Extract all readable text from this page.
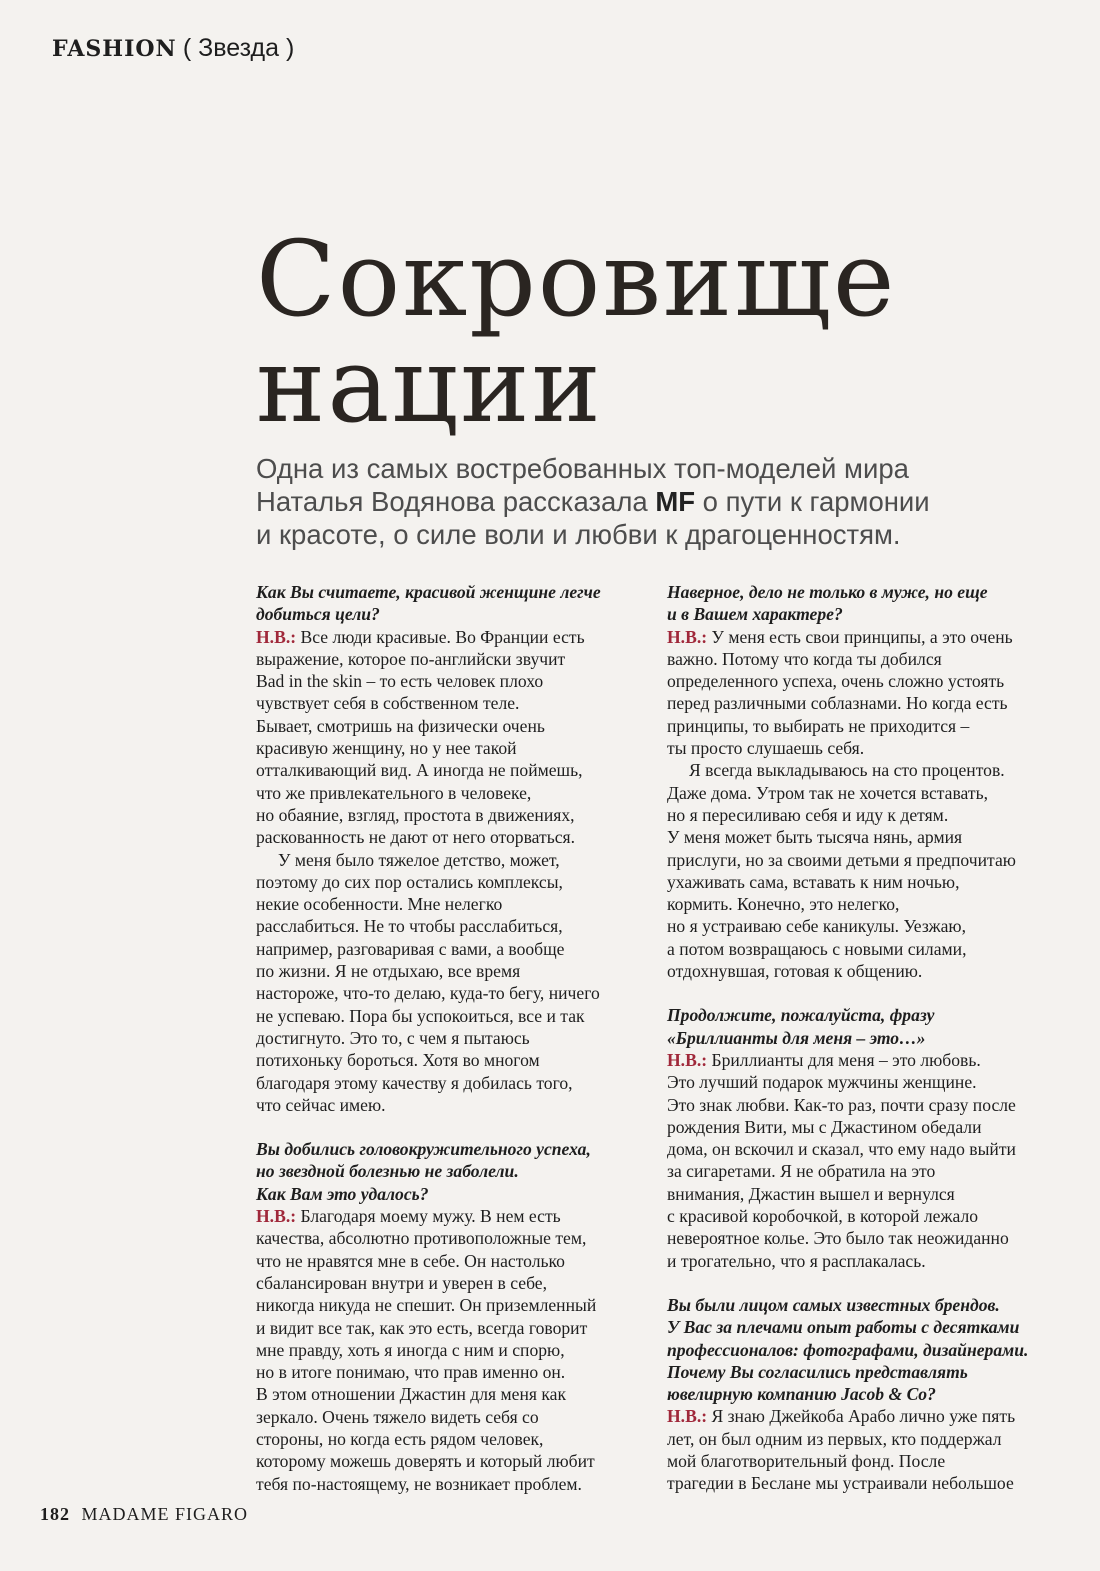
FASHION ( Звезда )
Сокровище
нации

Одна из самых востребованных топ-моделей мира
Наталья Водянова рассказала MF о пути к гармонии
и красоте, о силе воли и любви к драгоценностям.

Как Вы считаете, красивой женщине легче
добиться цели?
Н.В.: Все люди красивые. Во Франции есть
выражение, которое по-английски звучит
Bad in the skin – то есть человек плохо
чувствует себя в собственном теле.
Бывает, смотришь на физически очень
красивую женщину, но у нее такой
отталкивающий вид. А иногда не поймешь,
что же привлекательного в человеке,
но обаяние, взгляд, простота в движениях,
раскованность не дают от него оторваться.
У меня было тяжелое детство, может,
поэтому до сих пор остались комплексы,
некие особенности. Мне нелегко
расслабиться. Не то чтобы расслабиться,
например, разговаривая с вами, а вообще
по жизни. Я не отдыхаю, все время
настороже, что-то делаю, куда-то бегу, ничего
не успеваю. Пора бы успокоиться, все и так
достигнуто. Это то, с чем я пытаюсь
потихоньку бороться. Хотя во многом
благодаря этому качеству я добилась того,
что сейчас имею.
Вы добились головокружительного успеха,
но звездной болезнью не заболели.
Как Вам это удалось?
Н.В.: Благодаря моему мужу. В нем есть
качества, абсолютно противоположные тем,
что не нравятся мне в себе. Он настолько
сбалансирован внутри и уверен в себе,
никогда никуда не спешит. Он приземленный
и видит все так, как это есть, всегда говорит
мне правду, хоть я иногда с ним и спорю,
но в итоге понимаю, что прав именно он.
В этом отношении Джастин для меня как
зеркало. Очень тяжело видеть себя со
стороны, но когда есть рядом человек,
которому можешь доверять и который любит
тебя по-настоящему, не возникает проблем.
Наверное, дело не только в муже, но еще
и в Вашем характере?
Н.В.: У меня есть свои принципы, а это очень
важно. Потому что когда ты добился
определенного успеха, очень сложно устоять
перед различными соблазнами. Но когда есть
принципы, то выбирать не приходится –
ты просто слушаешь себя.
Я всегда выкладываюсь на сто процентов.
Даже дома. Утром так не хочется вставать,
но я пересиливаю себя и иду к детям.
У меня может быть тысяча нянь, армия
прислуги, но за своими детьми я предпочитаю
ухаживать сама, вставать к ним ночью,
кормить. Конечно, это нелегко,
но я устраиваю себе каникулы. Уезжаю,
а потом возвращаюсь с новыми силами,
отдохнувшая, готовая к общению.
Продолжите, пожалуйста, фразу
«Бриллианты для меня – это…»
Н.В.: Бриллианты для меня – это любовь.
Это лучший подарок мужчины женщине.
Это знак любви. Как-то раз, почти сразу после
рождения Вити, мы с Джастином обедали
дома, он вскочил и сказал, что ему надо выйти
за сигаретами. Я не обратила на это
внимания, Джастин вышел и вернулся
с красивой коробочкой, в которой лежало
невероятное колье. Это было так неожиданно
и трогательно, что я расплакалась.
Вы были лицом самых известных брендов.
У Вас за плечами опыт работы с десятками
профессионалов: фотографами, дизайнерами.
Почему Вы согласились представлять
ювелирную компанию Jacob & Co?
Н.В.: Я знаю Джейкоба Арабо лично уже пять
лет, он был одним из первых, кто поддержал
мой благотворительный фонд. После
трагедии в Беслане мы устраивали небольшое
182 MADAME FIGARO
